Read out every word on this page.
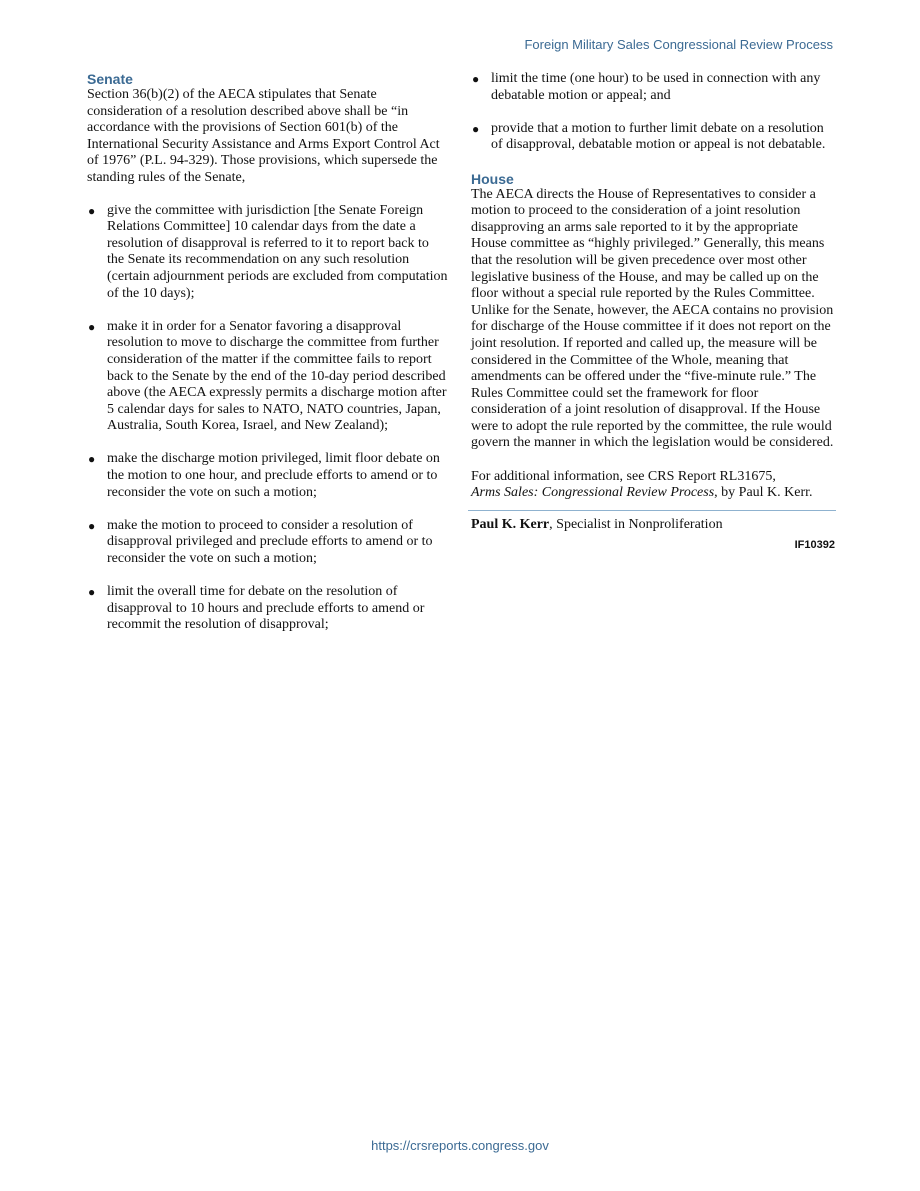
Foreign Military Sales Congressional Review Process
Senate

Section 36(b)(2) of the AECA stipulates that Senate consideration of a resolution described above shall be “in accordance with the provisions of Section 601(b) of the International Security Assistance and Arms Export Control Act of 1976” (P.L. 94-329). Those provisions, which supersede the standing rules of the Senate,

● give the committee with jurisdiction [the Senate Foreign Relations Committee] 10 calendar days from the date a resolution of disapproval is referred to it to report back to the Senate its recommendation on any such resolution (certain adjournment periods are excluded from computation of the 10 days);
● make it in order for a Senator favoring a disapproval resolution to move to discharge the committee from further consideration of the matter if the committee fails to report back to the Senate by the end of the 10-day period described above (the AECA expressly permits a discharge motion after 5 calendar days for sales to NATO, NATO countries, Japan, Australia, South Korea, Israel, and New Zealand);
● make the discharge motion privileged, limit floor debate on the motion to one hour, and preclude efforts to amend or to reconsider the vote on such a motion;
● make the motion to proceed to consider a resolution of disapproval privileged and preclude efforts to amend or to reconsider the vote on such a motion;
● limit the overall time for debate on the resolution of disapproval to 10 hours and preclude efforts to amend or recommit the resolution of disapproval;
● limit the time (one hour) to be used in connection with any debatable motion or appeal; and
● provide that a motion to further limit debate on a resolution of disapproval, debatable motion or appeal is not debatable.
House

The AECA directs the House of Representatives to consider a motion to proceed to the consideration of a joint resolution disapproving an arms sale reported to it by the appropriate House committee as “highly privileged.” Generally, this means that the resolution will be given precedence over most other legislative business of the House, and may be called up on the floor without a special rule reported by the Rules Committee. Unlike for the Senate, however, the AECA contains no provision for discharge of the House committee if it does not report on the joint resolution. If reported and called up, the measure will be considered in the Committee of the Whole, meaning that amendments can be offered under the “five-minute rule.” The Rules Committee could set the framework for floor consideration of a joint resolution of disapproval. If the House were to adopt the rule reported by the committee, the rule would govern the manner in which the legislation would be considered.

For additional information, see CRS Report RL31675,
Arms Sales: Congressional Review Process, by Paul K. Kerr.

Paul K. Kerr, Specialist in Nonproliferation

IF10392
https://crsreports.congress.gov
